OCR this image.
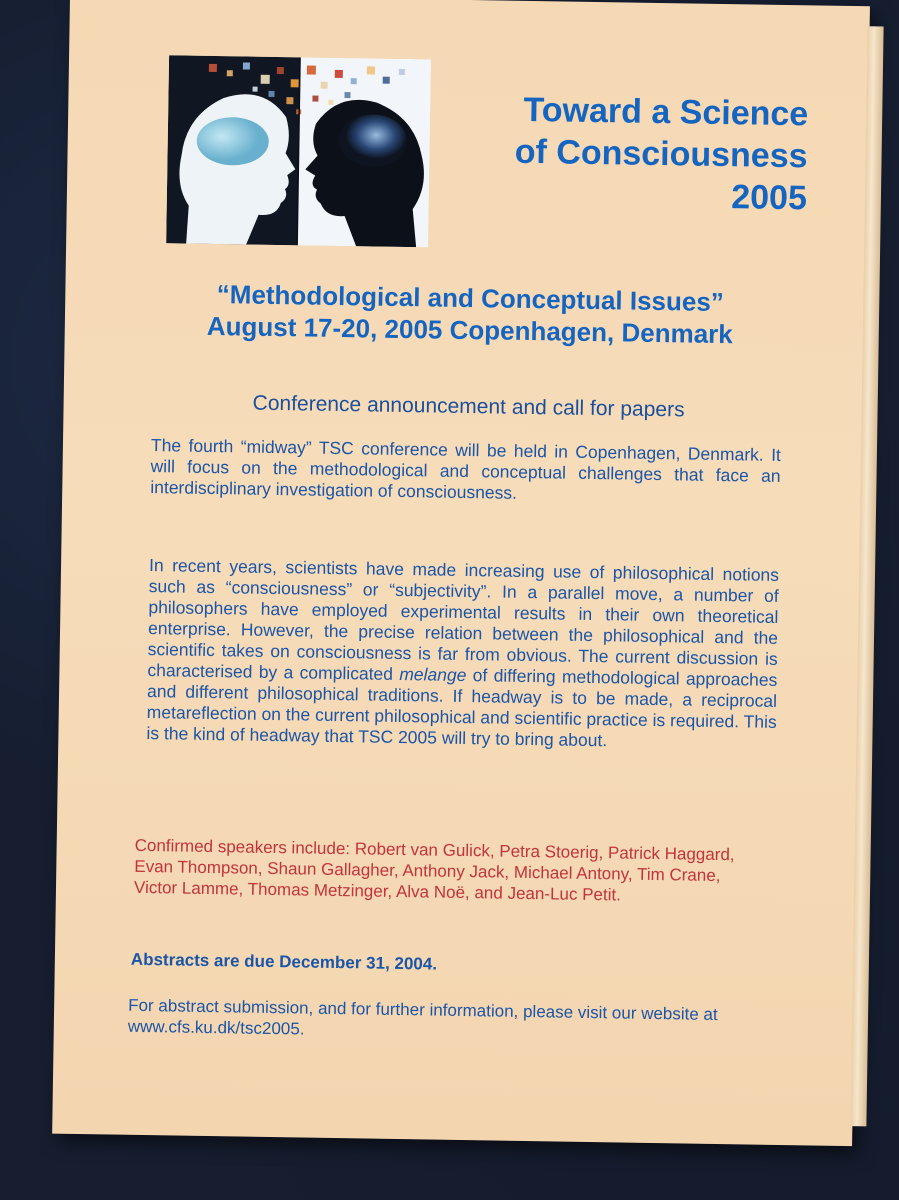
Toward a Science
of Consciousness
2005
“Methodological and Conceptual Issues”
August 17-20, 2005 Copenhagen, Denmark

Conference announcement and call for papers

The fourth “midway” TSC conference will be held in Copenhagen, Denmark. It will focus on the methodological and conceptual challenges that face an interdisciplinary investigation of consciousness.

In recent years, scientists have made increasing use of philosophical notions such as “consciousness” or “subjectivity”. In a parallel move, a number of philosophers have employed experimental results in their own theoretical enterprise. However, the precise relation between the philosophical and the scientific takes on consciousness is far from obvious. The current discussion is characterised by a complicated melange of differing methodological approaches and different philosophical traditions. If headway is to be made, a reciprocal metareflection on the current philosophical and scientific practice is required. This is the kind of headway that TSC 2005 will try to bring about.

Confirmed speakers include: Robert van Gulick, Petra Stoerig, Patrick Haggard, Evan Thompson, Shaun Gallagher, Anthony Jack, Michael Antony, Tim Crane, Victor Lamme, Thomas Metzinger, Alva Noë, and Jean-Luc Petit.

Abstracts are due December 31, 2004.

For abstract submission, and for further information, please visit our website at www.cfs.ku.dk/tsc2005.
